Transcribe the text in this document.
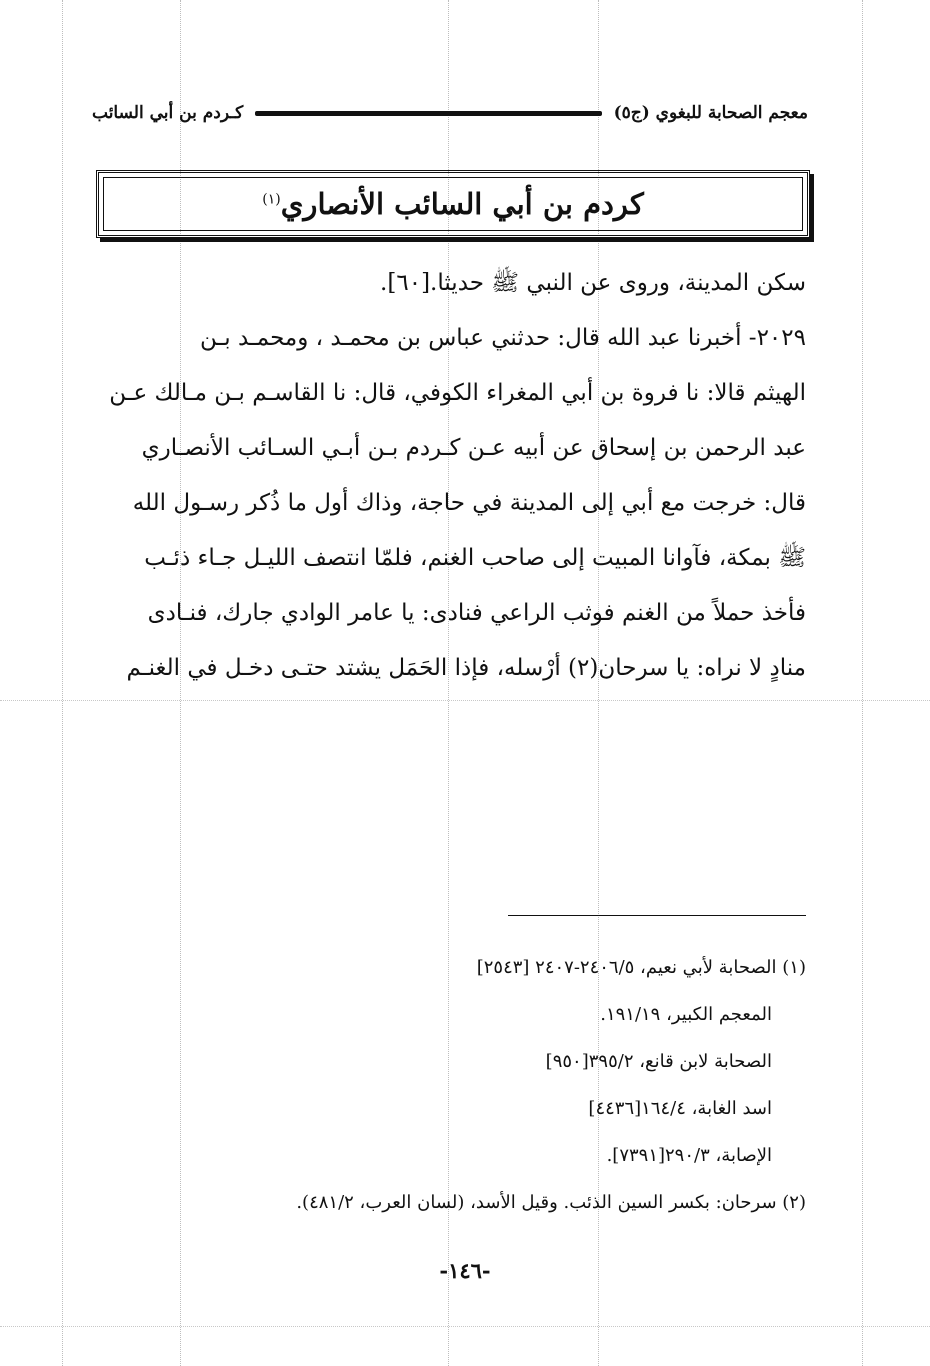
معجم الصحابة للبغوي (ج٥)
كـردم بن أبي السائب
كردم بن أبي السائب الأنصاري$^{(١)}$

سكن المدينة، وروى عن النبي ﷺ حديثا.[٦٠].

٢٠٢٩- أخبرنا عبد الله قال: حدثني عباس بن محمـد ، ومحمـد بـن

الهيثم قالا: نا فروة بن أبي المغراء الكوفي، قال: نا القاسـم بـن مـالك عـن

عبد الرحمن بن إسحاق عن أبيه عـن كـردم بـن أبـي السـائب الأنصـاري

قال: خرجت مع أبي إلى المدينة في حاجة، وذاك أول ما ذُكر رسـول الله

ﷺ بمكة، فآوانا المبيت إلى صاحب الغنم، فلمّا انتصف الليـل جـاء ذئـب

فأخذ حملاً من الغنم فوثب الراعي فنادى: يا عامر الوادي جارك، فنـادى

منادٍ لا نراه: يا سرحان(٢) أرْسله، فإذا الحَمَل يشتد حتـى دخـل في الغنـم

(١) الصحابة لأبي نعيم، ٢٤٠٦/٥-٢٤٠٧ [٢٥٤٣]
المعجم الكبير، ١٩١/١٩.
الصحابة لابن قانع، ٣٩٥/٢[٩٥٠]
اسد الغابة، ١٦٤/٤[٤٤٣٦]
الإصابة، ٢٩٠/٣[٧٣٩١].
(٢) سرحان: بكسر السين الذئب. وقيل الأسد، (لسان العرب، ٤٨١/٢).
-١٤٦-
